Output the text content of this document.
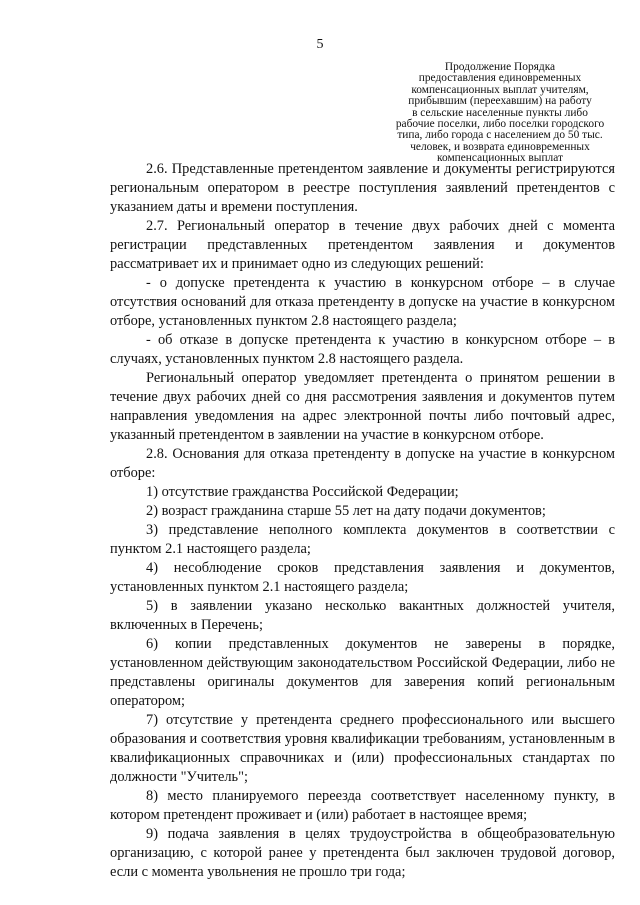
5
Продолжение Порядка
предоставления единовременных
компенсационных выплат учителям,
прибывшим (переехавшим) на работу
в сельские населенные пункты либо
рабочие поселки, либо поселки городского
типа, либо города с населением до 50 тыс.
человек, и возврата единовременных
компенсационных выплат

2.6. Представленные претендентом заявление и документы регистрируются региональным оператором в реестре поступления заявлений претендентов с указанием даты и времени поступления.

2.7. Региональный оператор в течение двух рабочих дней с момента регистрации представленных претендентом заявления и документов рассматривает их и принимает одно из следующих решений:

- о допуске претендента к участию в конкурсном отборе – в случае отсутствия оснований для отказа претенденту в допуске на участие в конкурсном отборе, установленных пунктом 2.8 настоящего раздела;

- об отказе в допуске претендента к участию в конкурсном отборе – в случаях, установленных пунктом 2.8 настоящего раздела.

Региональный оператор уведомляет претендента о принятом решении в течение двух рабочих дней со дня рассмотрения заявления и документов путем направления уведомления на адрес электронной почты либо почтовый адрес, указанный претендентом в заявлении на участие в конкурсном отборе.

2.8. Основания для отказа претенденту в допуске на участие в конкурсном отборе:

1) отсутствие гражданства Российской Федерации;

2) возраст гражданина старше 55 лет на дату подачи документов;

3) представление неполного комплекта документов в соответствии с пунктом 2.1 настоящего раздела;

4) несоблюдение сроков представления заявления и документов, установленных пунктом 2.1 настоящего раздела;

5) в заявлении указано несколько вакантных должностей учителя, включенных в Перечень;

6) копии представленных документов не заверены в порядке, установленном действующим законодательством Российской Федерации, либо не представлены оригиналы документов для заверения копий региональным оператором;

7) отсутствие у претендента среднего профессионального или высшего образования и соответствия уровня квалификации требованиям, установленным в квалификационных справочниках и (или) профессиональных стандартах по должности "Учитель";

8) место планируемого переезда соответствует населенному пункту, в котором претендент проживает и (или) работает в настоящее время;

9) подача заявления в целях трудоустройства в общеобразовательную организацию, с которой ранее у претендента был заключен трудовой договор, если с момента увольнения не прошло три года;
